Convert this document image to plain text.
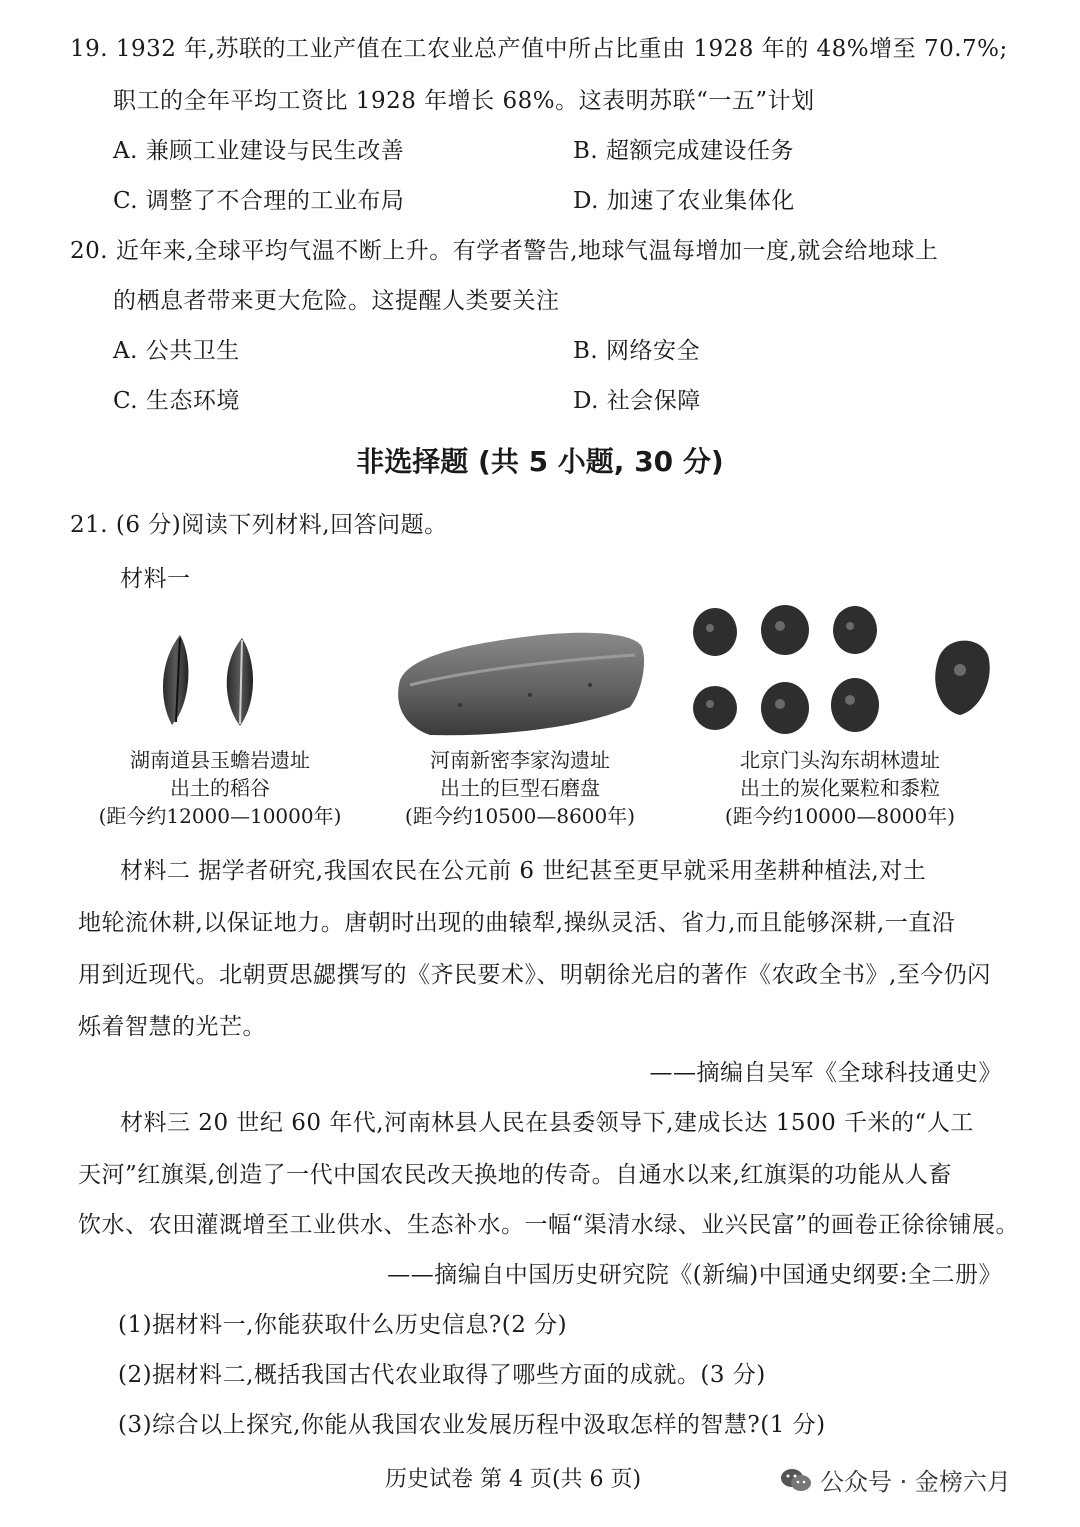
19. 1932 年,苏联的工业产值在工农业总产值中所占比重由 1928 年的 48%增至 70.7%;
职工的全年平均工资比 1928 年增长 68%。这表明苏联“一五”计划
A. 兼顾工业建设与民生改善	B. 超额完成建设任务
C. 调整了不合理的工业布局	D. 加速了农业集体化
20. 近年来,全球平均气温不断上升。有学者警告,地球气温每增加一度,就会给地球上
的栖息者带来更大危险。这提醒人类要关注
A. 公共卫生	B. 网络安全
C. 生态环境	D. 社会保障
非选择题 (共 5 小题, 30 分)
21. (6 分)阅读下列材料,回答问题。
材料一
湖南道县玉蟾岩遗址
出土的稻谷
(距今约12000—10000年)
河南新密李家沟遗址
出土的巨型石磨盘
(距今约10500—8600年)
北京门头沟东胡林遗址
出土的炭化粟粒和黍粒
(距今约10000—8000年)
材料二 据学者研究,我国农民在公元前 6 世纪甚至更早就采用垄耕种植法,对土
地轮流休耕,以保证地力。唐朝时出现的曲辕犁,操纵灵活、省力,而且能够深耕,一直沿
用到近现代。北朝贾思勰撰写的《齐民要术》、明朝徐光启的著作《农政全书》,至今仍闪
烁着智慧的光芒。
——摘编自吴军《全球科技通史》
材料三 20 世纪 60 年代,河南林县人民在县委领导下,建成长达 1500 千米的“人工
天河”红旗渠,创造了一代中国农民改天换地的传奇。自通水以来,红旗渠的功能从人畜
饮水、农田灌溉增至工业供水、生态补水。一幅“渠清水绿、业兴民富”的画卷正徐徐铺展。
——摘编自中国历史研究院《(新编)中国通史纲要:全二册》
(1)据材料一,你能获取什么历史信息?(2 分)
(2)据材料二,概括我国古代农业取得了哪些方面的成就。(3 分)
(3)综合以上探究,你能从我国农业发展历程中汲取怎样的智慧?(1 分)
历史试卷 第 4 页(共 6 页)	公众号 · 金榜六月
